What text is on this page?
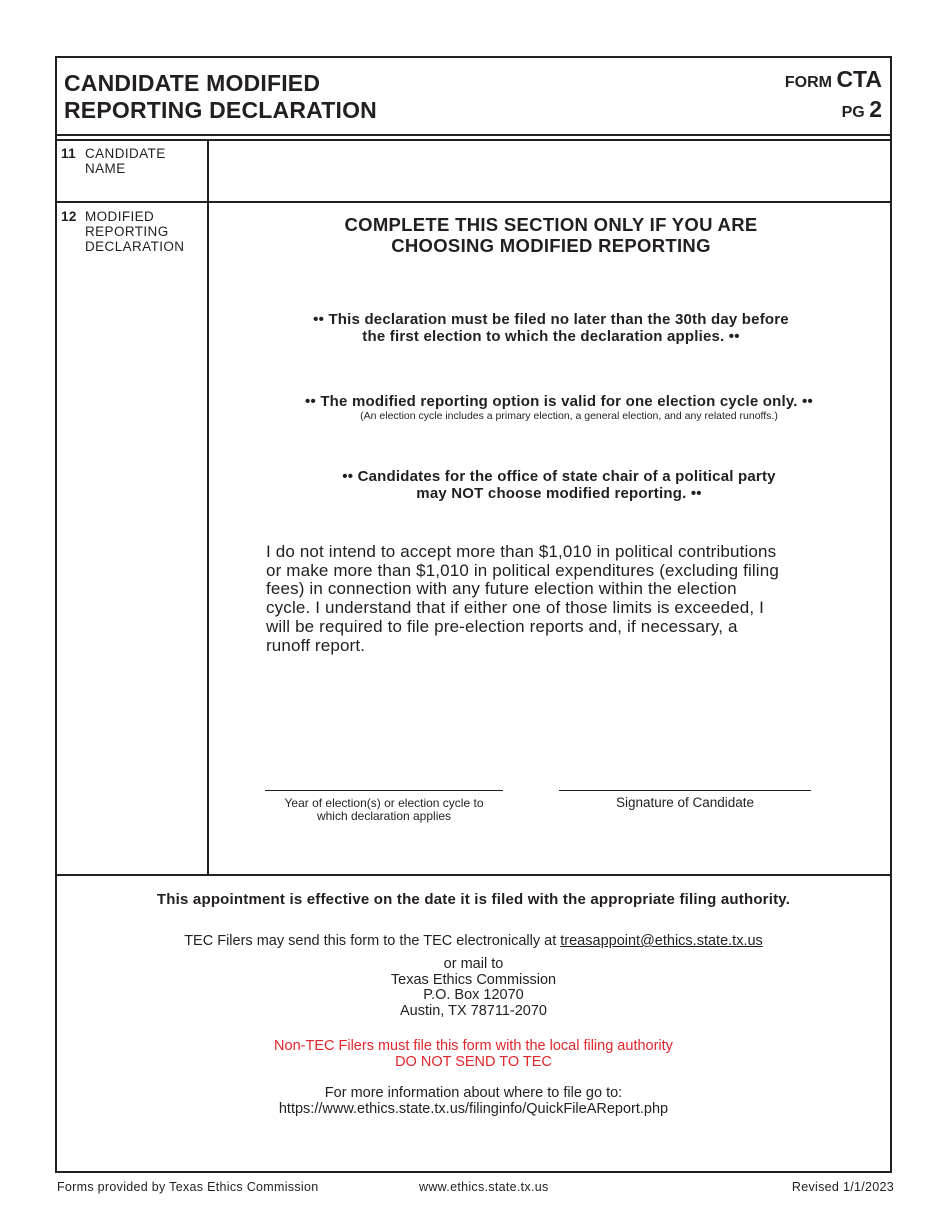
CANDIDATE MODIFIED
REPORTING DECLARATION
FORM CTA
PG 2
11 CANDIDATE
NAME
12 MODIFIED
REPORTING
DECLARATION
COMPLETE THIS SECTION ONLY IF YOU ARE
CHOOSING MODIFIED REPORTING
•• This declaration must be filed no later than the 30th day before
the first election to which the declaration applies. ••
•• The modified reporting option is valid for one election cycle only. ••
(An election cycle includes a primary election, a general election, and any related runoffs.)
•• Candidates for the office of state chair of a political party
may NOT choose modified reporting. ••
I do not intend to accept more than $1,010 in political contributions
or make more than $1,010 in political expenditures (excluding filing
fees) in connection with any future election within the election
cycle. I understand that if either one of those limits is exceeded, I
will be required to file pre-election reports and, if necessary, a
runoff report.
Year of election(s) or election cycle to
which declaration applies
Signature of Candidate
This appointment is effective on the date it is filed with the appropriate filing authority.
TEC Filers may send this form to the TEC electronically at treasappoint@ethics.state.tx.us
or mail to
Texas Ethics Commission
P.O. Box 12070
Austin, TX 78711-2070
Non-TEC Filers must file this form with the local filing authority
DO NOT SEND TO TEC
For more information about where to file go to:
https://www.ethics.state.tx.us/filinginfo/QuickFileAReport.php
Forms provided by Texas Ethics Commission	www.ethics.state.tx.us	Revised 1/1/2023
